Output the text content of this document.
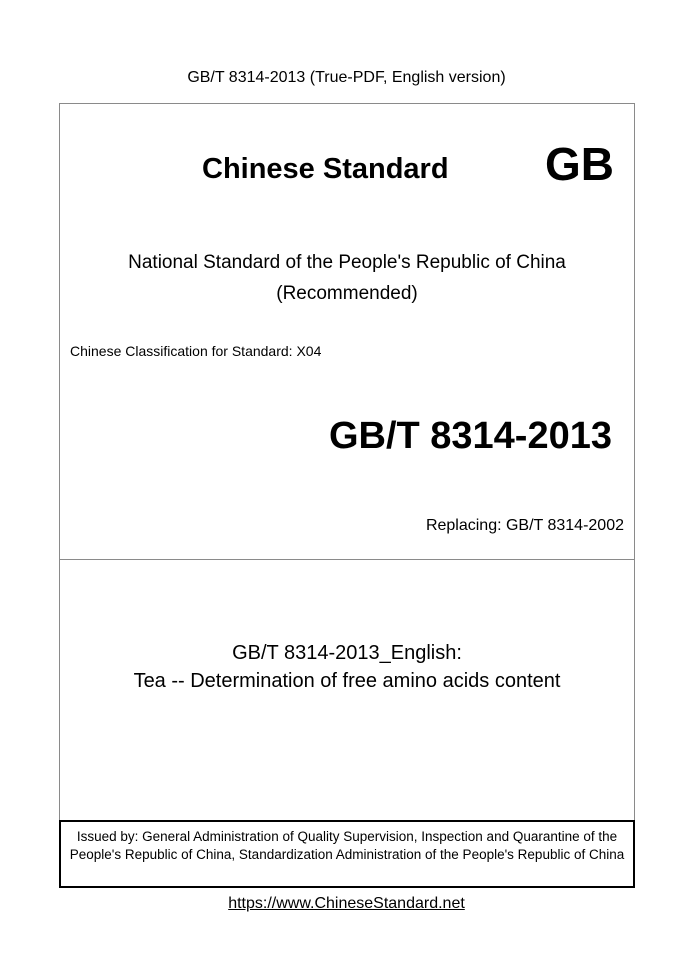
GB/T 8314-2013 (True-PDF, English version)
Chinese Standard GB
National Standard of the People's Republic of China
(Recommended)
Chinese Classification for Standard: X04
GB/T 8314-2013
Replacing: GB/T 8314-2002
GB/T 8314-2013_English:
Tea -- Determination of free amino acids content
Issued by: General Administration of Quality Supervision, Inspection and Quarantine of the People's Republic of China, Standardization Administration of the People's Republic of China
https://www.ChineseStandard.net
